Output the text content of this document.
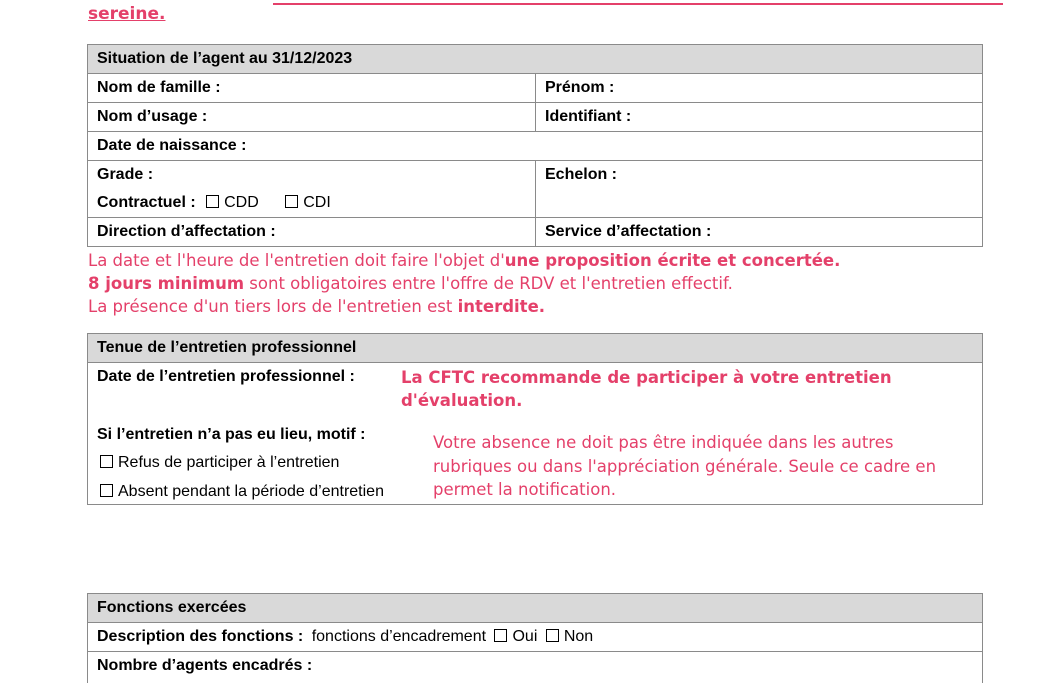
sereine.
Situation de l’agent au 31/12/2023
Nom de famille :	Prénom :
Nom d’usage :	Identifiant :
Date de naissance :
Grade :
Contractuel : CDD	CDI
Echelon :
Direction d’affectation :	Service d’affectation :
La date et l'heure de l'entretien doit faire l'objet d'une proposition écrite et concertée.
8 jours minimum sont obligatoires entre l'offre de RDV et l'entretien effectif.
La présence d'un tiers lors de l'entretien est interdite.
Tenue de l’entretien professionnel
Date de l’entretien professionnel :	La CFTC recommande de participer à votre entretien
d'évaluation.
Si l’entretien n’a pas eu lieu, motif :
Refus de participer à l’entretien
Absent pendant la période d’entretien
Votre absence ne doit pas être indiquée dans les autres
rubriques ou dans l'appréciation générale. Seule ce cadre en
permet la notification.
Fonctions exercées
Description des fonctions : fonctions d’encadrement Oui Non
Nombre d’agents encadrés :
